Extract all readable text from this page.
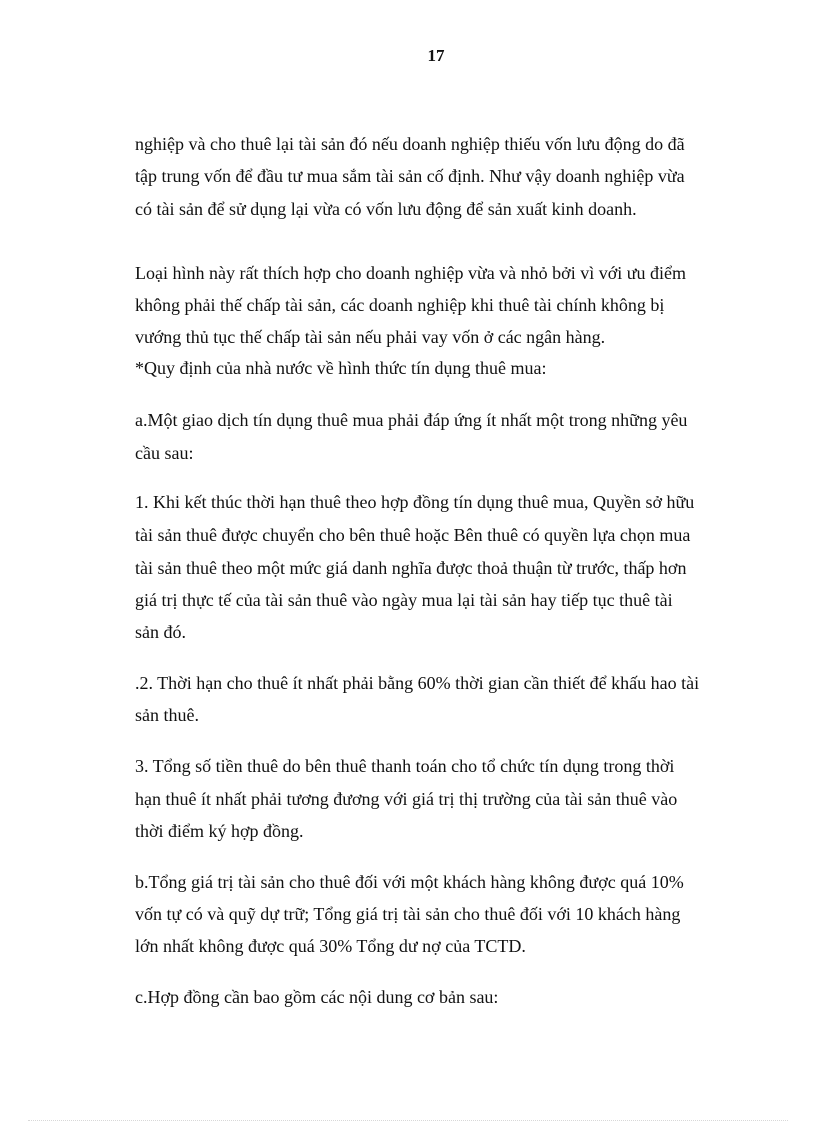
17
nghiệp và cho thuê lại tài sản đó nếu doanh nghiệp thiếu vốn lưu động do đã
tập trung vốn để đầu tư mua sắm tài sản cố định. Như vậy doanh nghiệp vừa
có tài sản để sử dụng lại vừa có vốn lưu động để sản xuất kinh doanh.
Loại hình này rất thích hợp cho doanh nghiệp vừa và nhỏ bởi vì với ưu điểm
không phải thế chấp tài sản, các doanh nghiệp khi thuê tài chính không bị
vướng thủ tục thế chấp tài sản nếu phải vay vốn ở các ngân hàng.
*Quy định của nhà nước về hình thức tín dụng thuê mua:
a.Một giao dịch tín dụng thuê mua phải đáp ứng ít nhất một trong những yêu
cầu sau:
1. Khi kết thúc thời hạn thuê theo hợp đồng tín dụng thuê mua, Quyền sở hữu
tài sản thuê được chuyển cho bên thuê hoặc Bên thuê có quyền lựa chọn mua
tài sản thuê theo một mức giá danh nghĩa được thoả thuận từ trước, thấp hơn
giá trị thực tế của tài sản thuê vào ngày mua lại tài sản hay tiếp tục thuê tài
sản đó.
.2. Thời hạn cho thuê ít nhất phải bằng 60% thời gian cần thiết để khấu hao tài
sản thuê.
3. Tổng số tiền thuê do bên thuê thanh toán cho tổ chức tín dụng trong thời
hạn thuê ít nhất phải tương đương với giá trị thị trường của tài sản thuê vào
thời điểm ký hợp đồng.
b.Tổng giá trị tài sản cho thuê đối với một khách hàng không được quá 10%
vốn tự có và quỹ dự trữ; Tổng giá trị tài sản cho thuê đối với 10 khách hàng
lớn nhất không được quá 30% Tổng dư nợ của TCTD.
c.Hợp đồng cần bao gồm các nội dung cơ bản sau:
